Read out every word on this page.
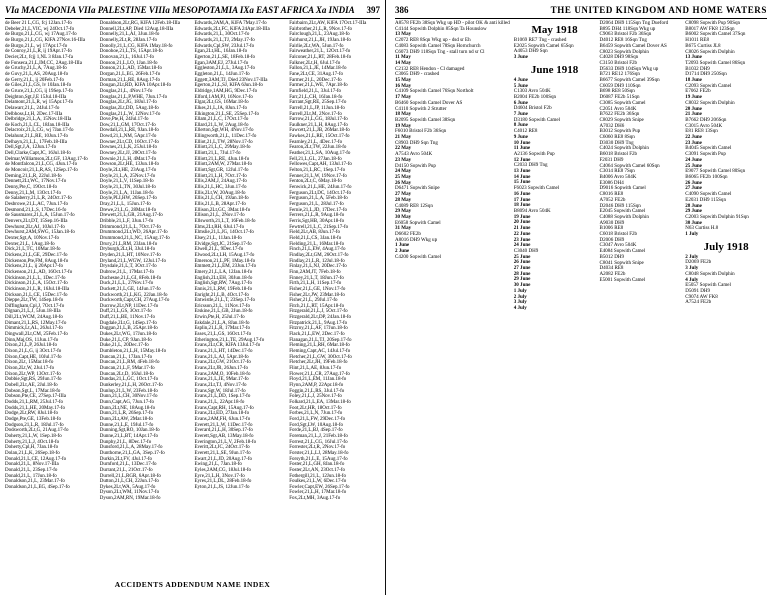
VIa MACEDONIA VIIa PALESTINE VIIIa MESOPOTAMIA IXa EAST AFRICA Xa INDIA 397
de Beer 21 L,CG, fcj 12Jan.17-fo
Debeler,21,L,VIC, wj 24Oct.17-fo
de Burgo,21,L,CG, wj 17Aug.17-fo
de Burgo,21,L,CG, KlFA 27Nov.16-IIIa
de Burgo,21,L, wj 17Apr.17-fo
de Conroy,21,L,R, ij 19Apr.17-fo
Decier,2Lt, fcjj 1,NL 3 8Jan.17-fa
de Fonseca,21,L,IM,CC, 2Aug.18-IIIa
de Gruchy,21,L,A, 7Aug.18-fo
de Guvy,21,L,AS, 20Aug.18-fo
de Gerry,21,L, ij 20Feb.17-fo
de Giles,21,L,GS, lv 10Jan.18-fo
de Gruce,21,L,CG, ij 19Sep.17-fo
Deighton,Sgt,J,E 15Jul.18-IIIa
Delamont,21,L,R, wj 15Apr.17-fo
Delawarr,21,L, 24Jul.17-fo
Delbhoss,Lt,H, 2Dec.17-IIIa
Delbridge,21,L,A, 15Nov.18-IIIa
de Koch,21,L,CL, 18Jan.18-IIIa
Delacroix,21,L,CG, wj 7Jan.17-fo
Delahunt,21,L,RE, 10Jun.17-fo
Delhayn,21,L,L, 17Feb.18-IIIa
Dell,Sgt,J,A, 12Jun.17-fo
Dell,Clarke,Capt,JC, 16Jul.18-fo
Delmar,Williamson,2Lt,GF, 13Aug.17-fo
de Montfalcon,21,L,CG, 4Jun.17-fo
de Moncoir,21,L,R,AS, 12Sep.17-fo
Deming,21,L,R, 22Jul.18-fo
Dennett,2Lt,WC, 17Nov.17-fo
Denny,Pte,C, 19Oct.18-fo
Denny,21,L,M, 13Oct.17-fo
de Salaberry,21,L,R, 24Oct.17-fo
Desbrowe,21,L,AC, 7Jun.17-fo
Desmond,21,L,S, 17Dec.16-fo
de Sausmarez,21,L,A, 15Jun.17-fo
Denvers,2Lt,DT, 15Sep.16-IIIa
Dewhurst,2Lt,AJ, 10Jul.17-fo
Dewhurst,2AM,SWG, 15Jan.18-fo
Dexter,Sgt,A, 10Nov.17-fo
Dexter,21,L, 1Aug.18-fo
Dick,21,L,TC, 10Mar.18-fo
Dickens,21,L,GE, 29Dec.17-fo
Dickenson,Pte,FM, 8Aug.18-fo
Dickens,21,L, ij 20Apr.17-fo
Dickenson,21,L,AD, 16Oct.17-fo
Dickinson,21,L,L, 1Dec.17-fo
Dickinson,21,L,A, 15Oct.17-fo
Dickinson,21,L,R, 16Jul.18-IIIa
Dickson,21,L,CE, 15Dec.17-fo
Dieppe,2Lt,TW, 14Sep.18-fo
Diffingham,Cpl,J, 7Oct.17-fo
Dignan,21,L,J, 5Jun.18-IIIa
Dill,2Lt,WCM, 24Aug.18-fo
Dimant,21,L,RS, 12May.17-fo
Dimmick,Lt,AL, 26Jul.17-fo
Dingwall,2Lt,CM, 25Feb.17-fo
Dinn,Maj,OS, 11Jun.17-fo
Dixon,21,L,P, 26Jul.18-fo
Dixon,21,L,G, ij 3Oct.17-fo
Dixon,Capt,HE, 10Jul.17-fo
Dixon,2Lt, 15Mar.18-fo
Dixon,2Lt,W, 2Jul.17-fo
Dixon,2Lt,WP, 13Oct.17-fo
Dobbie,Sgt,RS, 29Jun.17-fo
Dobell,2Lt,AE, 2Jul.18-fo
Dobson,Sgt,L, 17Mar.18-fo
Dobson,Pte,CE, 27Sep.17-IIIa
Dodds,21,L,RM, 25Jul.17-fo
Dodds,21,L,HE, 20May.17-fo
Dodge,2Lt,RW, 8Jul.18-fo
Dodge,Pte,GE, 13Feb.18-fo
Dodgson,21,L,R, 18Jul.17-fo
Dodsworth,2Lt,G, 21Aug.17-fo
Doherty,21,L,W, 1Sep.18-fo
Doherty,21,L,J, 4Oct.18-fo
Doherty,Cpl,H, 7Jan.18-fo
Dolan,21,L,K, 26Sep.18-fo
Donald,21,L,CE, 12Aug.17-fo
Donald,21,L, 8Nov.17-IIIa
Donald,21,L, 23Sep.17-fo
Donald,21,L, 17Jun.18-fo
Donaldson,21,L, 23Mar.17-fo
Donaldson,21,L,EG, 4Sep.17-fo
Donaldson,2Lt,RG, KlFA 12Feb.18-IIIa
Donnell,2Lt,AP, Died 12Aug.18-IIIa
Donnelly,21,L,AJ, 3Jun.18-fo
Donnelly,2Lt,R, 28Jan.17-fo
Donolly,21,L,CG, KlFA 1May.18-fo
Donohoe,21,L,TS, 15Apr.18-fo
Donovan,21,L, 16Jul.17-fo
Donson,21,L,LO, 1Jan.18-fo
Donson,21,L,AD, 15Mar.18-fo
Dorgan,21,L,EG, 26Feb.17-fo
Dorman,21,L,RE, 8Aug.17-fo
Dougan,2Lt,RD, KlFA 10Apr.18-fo
Douglas,21,L, 4Nov.17-fo
Douglas,21,L,P,WHE, 7Jun.17-fo
Douglas,2Lt,JG, 18Jul.17-fo
Douglas,2Lt,DD, 5Aug.18-fo
Douglas,21,L,W, 12Nov.17-fo
Dove,Pte,H, 24Jul.17-fo
Dow,21,L,GM, 17Oct.17-fo
Dowdall,21,L,RE, 9Jan.18-fo
Dowd,21,L,NM, 5Apr.17-fo
Downer,2Lt,CD, 16Oct.17-fo
Downes,21,L,K, 25Jul.18-fo
Downey,2Lt,JJ, 20Oct.17-fo
Downie,21,L,H, 4Mar.17-fo
Dowson,2Lt,HE, 13Jun.18-fo
Doyle,2Lt,HE, 23Aug.17-fo
Doyle,21,L,A, 25Nov.17-fo
Doyle,21,L,V, 11Sep.18-fo
Doyle,21,L,TN, 30Jul.18-fo
Doyle,21,L,A, 11Jan.18-fo
Doyle,PLI,HW, 26Sep.17-fo
Dray,21,L,L, 15Jun.17-fo
Drewe,21,L,G, 28Mar.18-fo
Drewett,21,L,GR, 21Aug.17-fo
Dribble,21,L,F, 3Jun.17-fo
Drimmond,21,L,L, 7Oct.17-fo
Drummond,2Lt,WD, 26Apr.17-fo
Drummond,21,L,NC, 15Aug.17-fo
Drury,21,L,RM, 23Jan.18-fo
Dryburgh,2Lt,H, 3Jul.18-fo
Dryden,21,L,HT, 10Nov.17-fo
Dryland,21,L,WGW, 12Jul.17-fo
Drysdale,21,L,T, 3Oct.17-fo
Dubrow,21,L, 17Mar.17-fo
Duchesne,21,L,GI, 8Feb.18-fo
Duck,21,L,L, 27Nov.17-fo
Duckett,21,L,GE, 14Jun.17-fo
Duckworth,21,L,KG, 22Jan.18-fo
Duckworth,Capt,CH, 27Aug.17-fo
Ducrow,2Lt,NP, 11Dec.17-fo
Duff,21,L,GS, 3Oct.17-fo
Duff,21,L,BE, 11Nov.17-fo
Dugdale,2Lt,G, 14Sep.17-fo
Duggan,21,L,B, 25Apr.18-fo
Dukes,2Lt,WG, 17Jun.18-fo
Duke,21,L,CP, 9Jan.18-fo
Duke,21,L, 20Dec.17-fo
Dumbleton,21,L,H, 15May.18-fo
Duncan,21,L, 17Jan.17-fo
Duncan,21,L,RM, 4Feb.18-fo
Duncan,21,L,F, 9Mar.17-fo
Duncan,2Lt,D, 16Jul.18-fo
Dundas,21,L,GC, 1Oct.17-fo
Dunkerley,21,L,H, 26Oct.17-fo
Dunlop,21,L,W, 23Feb.18-fo
Dunn,21,L,CH, 30Nov.17-fo
Dunn,Capt,AG, 7Jun.17-fo
Dunn,2Lt,NE, 18Aug.18-fo
Dunn,21,L,R, 26Sep.17-fo
Dunn,2Lt,AW, 2Mar.18-fo
Dunne,21,L,E, 19Jul.17-fo
Dunning,Sgt,RO, 10Jan.18-fo
Dunne,21,L,BT, 14Apr.17-fo
Dunphy,21,L, 8Dec.17-fo
Dunsford,21,L,A, 28May.17-fo
Dunthorne,21,L,GA, 3Sep.17-fo
Durkin,2Lt,FV, 4Jul.17-fo
Durnford,21,L, 13Dec.17-fo
Durrant,21,L, 21Oct.17-fo
Durrell,21,L,RGR, 6Apr.18-fo
Dutton,21,L,CH, 22Jun.17-fo
Dykes,2Lt,WA, 5Aug.17-fo
Dyson,2Lt,WM, 11Nov.17-fo
Dyson,2AM,RN, 19Mar.18-fo
Edwards,2AM,A, KlFA 7May.17-fo
Edwards,2Lt,FC, KlFA 24Apr.18-IIIa
Edwards,21,L, 30Oct.17-fo
Edwards,21,L,TJ, 2May.17-fo
Edwards,Cpl,SW, 23Jul.17-fo
Egan,2Lt,HL, 16Jan.18-fo
Egerton,21,L,SE, 18Feb.18-fo
Egan,3AM,EJ, 27Jul.17-fo
Eggleston,21,L,L, 3Aug.17-fo
Eggleton,21,L, 14Jun.17-fo
Eggett,3AM,TJ, Died 23Nov.17-IIIa
Egerton,21,L,SJ, KlFA 6Jun.18-fo
Eldridge,1AM,HG, 9Dec.17-fo
Elford,1AM,PJ, 16Nov.17-fo
Elgar,2Lt,GS, 16Mar.18-fo
Elkes,21,L,JA, 8Jun.17-fo
Elkington,21,L,SE, 25Sep.17-fo
Ellam,21,L,C, 17Oct.17-fo
Ellard,21,L,W, 2Aug.18-fo
Ellerton,Sgt,WH, 4Nov.17-fo
Ellingworth,21,L, 11Dec.17-fo
Elliot,21,L,TW, 28Nov.17-fo
Elliott,21,L,C, 29May.18-fo
Elliott,21,L, 7Jul.17-fo
Elliott,21,L,RE, 4Jun.18-fo
Elliott,2AM,W, 27Mar.18-fo
Elliott,Sgt,GR, 12Jul.17-fo
Elliott,21,L,H, 7Oct.17-fo
Ellis,2AM,J, 24Aug.17-fo
Ellis,21,L,HC, 3Jun.17-fo
Ellis,2Lt,W, 20Aug.18-fo
Ellis,21,L,CH, 19Jan.18-fo
Ellis,21,L,B, 28Apr.17-fo
Ellison,2Lt,GC, 3Mar.18-fo
Ellison,21,L, 2Nov.17-fo
Ellsworth,21,L,T, 16Feb.18-fo
Elms,2Lt,RH, 6Jul.17-fo
Elmslie,21,L,JG, 14Oct.17-fo
Elsey,21,L, 11Jan.18-fo
Elvidge,Sgt,JC, 21Sep.17-fo
Elwell,21,L, 9Dec.17-fo
Elwood,2Lt,LH, 15Aug.17-fo
Emerson,21,L,PF, 1May.18-fo
Emmett,21,L,EM, 23Jun.17-fo
Emery,21,L,LA, 12Jan.18-fo
English,2Lt,EH, 30Jun.18-fo
English,Sgt,RW, 7Aug.17-fo
Ennis,21,L,RW, 19Feb.18-fo
Enright,21,L,B, 4Oct.17-fo
Entwistle,21,L,T, 23Sep.17-fo
Ericsson,21,L, 11Nov.17-fo
Erskine,21,L,GB, 2Jun.18-fo
Erwin,Pte,H, 25Jul.17-fo
Eskdale,21,L,A, 8Jan.18-fo
Esplin,21,L,R, 17Mar.17-fo
Essex,21,L,GS, 16Oct.17-fo
Etherington,21,L,TE, 29Aug.17-fo
Evans,2Lt,CR, KlFA 13Jul.17-fo
Evans,21,L,HT, 14Dec.17-fo
Evans,21,L,AJ, 5Apr.18-fo
Evans,2Lt,GW, 21Oct.17-fo
Evans,2Lt,JR, 26Jun.17-fo
Evans,2AM,O, 10Feb.18-fo
Evans,21,L,JE, 9Mar.17-fo
Evans,2Lt,TJ, 4Nov.17-fo
Evans,Sgt,W, 18Jul.17-fo
Evans,21,L,DD, 1Sep.17-fo
Evans,21,L, 22Apr.18-fo
Evans,Capt,RH, 15Aug.17-fo
Evans,2Lt,ED, 27Jan.18-fo
Evans,2AM,FH, 6Jun.17-fo
Everett,21,L,W, 11Dec.17-fo
Everard,21,L,H, 30Sep.17-fo
Everett,Sgt,AB, 13May.18-fo
Everington,21,L,V, 2Feb.18-fo
Everitt,2Lt,JC, 24Oct.17-fo
Everett,21,L,SE, 9Jun.17-fo
Ewart,21,L,JD, 20Aug.17-fo
Ewing,21,L, 7Jan.18-fo
Eyles,2AM,CG, 18Jul.18-fo
Eyre,21,L,H, 3Nov.17-fo
Eyres,21,L,DL, 28Feb.18-fo
Eyton,21,L,JS, 12Jun.17-fo
Fairbairn,2Lt,AW, KlFA 17Oct.17-IIIa
Fairbrother,21,L,R, 9Nov.17-fo
Fairclough,21,L, 23Aug.18-fo
Fairhurst,21,L,JH, 19Jan.18-fo
Fairlie,2Lt,WA, 5Jun.17-fo
Fairweather,21,L, 12Oct.17-fo
Falconer,21,L,RT, 28Feb.18-fo
Falkner,2Lt,H, 6Jul.17-fo
Fallon,21,L,JE, 14Mar.18-fo
Fane,2Lt,CE, 31Aug.17-fo
Farmer,21,L, 20Dec.17-fo
Farmer,21,L,WE, 7Apr.18-fo
Farnfield,21,L, 3Jul.17-fo
Farr,21,L,CH, 16Jan.18-fo
Farrant,Sgt,RE, 25Sep.17-fo
Farrell,21,L,JP, 11Jun.18-fo
Farrell,2Lt,M, 2Nov.17-fo
Farrow,21,L,GG, 18Jul.17-fo
Faulkner,21,L,H, 8Aug.17-fo
Fawcett,21,L,JB, 26Mar.18-fo
Fawkes,21,L,RE, 15Oct.17-fo
Fearnley,21,L, 4Dec.17-fo
Fearon,2Lt,TW, 22Jun.18-fo
Feather,21,L,SA, 10Aug.17-fo
Fell,21,L,GL, 27Jan.18-fo
Fellowes,Capt,AH, 13Jul.17-fo
Felton,21,L,RC, 1Sep.17-fo
Fenner,21,L,W, 19Nov.17-fo
Fenton,2Lt,C, 6May.18-fo
Fenwick,21,L,HE, 24Jun.17-fo
Ferguson,2Lt,DC, 14Oct.17-fo
Ferguson,21,L,A, 5Feb.18-fo
Ferguson,21,L, 28Jul.17-fo
Fernie,21,L,JD, 17Dec.17-fo
Ferrers,21,L,R, 9Aug.18-fo
Ferris,Sgt,HB, 30Apr.18-fo
Fewtrell,21,L,C, 21Sep.17-fo
Field,2Lt,AB, 8Jun.17-fo
Field,21,L,CS, 3Jan.18-fo
Fielding,21,L, 16Mar.18-fo
Finch,21,L,EW, 4Aug.17-fo
Findlay,2Lt,GM, 26Oct.17-fo
Findlay,21,L,R, 12Jul.18-fo
Finlay,21,L,NJ, 20Dec.17-fo
Finn,2AM,JT, 7Feb.18-fo
Finney,21,L,T, 18Jun.17-fo
Firth,21,L,H, 11Sep.17-fo
Fisher,21,L,GE, 1Nov.17-fo
Fisher,2Lt,JW, 23Mar.18-fo
Fisher,21,L, 29Jul.17-fo
Fitch,21,L,RT, 15Apr.18-fo
Fitzgerald,21,L,J, 5Oct.17-fo
Fitzgerald,2Lt,DP, 24Jan.18-fo
Fitzpatrick,21,L, 9Aug.17-fo
Fitzroy,21,L,AF, 17Jun.18-fo
Flack,21,L,EW, 2Dec.17-fo
Flanagan,21,L,TJ, 20Sep.17-fo
Fleming,21,L,RH, 6Mar.18-fo
Fleming,Capt,AC, 14Jul.17-fo
Fletcher,21,L,GW, 30Oct.17-fo
Fletcher,2Lt,JH, 19Feb.18-fo
Flint,21,L,AE, 8Jun.17-fo
Flower,21,L,CR, 27Aug.17-fo
Floyd,21,L,EM, 11Jan.18-fo
Flynn,2AM,P, 22Apr.18-fo
Foggin,21,L,RS, 3Jul.17-fo
Foley,21,L,J, 25Nov.17-fo
Folkard,21,L,EA, 13Mar.18-fo
Foot,2Lt,HR, 18Oct.17-fo
Forbes,21,L,N, 7Jun.17-fo
Ford,21,L,FW, 29Dec.17-fo
Ford,Sgt,LW, 10Aug.18-fo
Forde,21,L,BJ, 4Sep.17-fo
Foreman,21,L,J, 21Feb.18-fo
Forrest,21,L,CG, 16Jul.17-fo
Forrester,2Lt,R, 2Nov.17-fo
Forster,21,L,LJ, 28May.18-fo
Forsyth,21,L,E, 15Aug.17-fo
Foster,21,L,GH, 8Jan.18-fo
Foster,2Lt,AN, 23Oct.17-fo
Fothergill,21,L, 12Jun.18-fo
Foulkes,21,L,W, 6Dec.17-fo
Fowler,Capt,EW, 26Sep.17-fo
Fowler,21,L,H, 17Mar.18-fo
Fox,2Lt,MH, 3Aug.17-fo
ACCIDENTS ADDENDUM NAME INDEX
386	THE UNITED KINGDOM AND HOME WATERS
A8578 FE2b 38Sqn Wkg up HD - pilot OK & anti killed
C4144 Sopwith Dolphin 85Sqn Ta Hounslow
13 May
C2072 RE8 8Sqn Wkg up - dsd sr Eh
C4083 Sopwith Camel 78Sqn Hornchurch
C6073 DH9 118Sqn Tng - stall turn nd sr Cl
11 May
14 May
C2132 RE8 Hendon - Cl damaged
C3065 DH9 - crashed
15 May
16 May
C4109 Sopwith Camel 76Sqn Northolt
17 May
B6460 Sopwith Camel Dover AS
C4110 Sopwith 2 Strutter
18 May
B2095 Sopwith Camel 38Sqn
19 May
F6010 Bristol F2b 36Sqn
21 May
C8903 DH9 Sqn Tng
22 May
A7543 Avro 504K
23 May
D4150 Sopwith Pup
24 May
25 May
26 May
D6471 Sopwith Snipe
27 May
28 May
C4089 RE8 12Sqn
29 May
30 May
E6058 Sopwith Camel
31 May
D6602 FE2b
A8016 DH9 Wkg up
1 June
2 June
C4200 Sopwith Camel
May 1918
B1069 RE7 Tng - crashed
E2025 Sopwith Camel 65Sqn
A4053 DH9 Sqn
3 June
June 1918
4 June
5 June
C1303 Avro 504K
B2004 FE2b 100Sqn
6 June
D4604 Bristol F2b
7 June
D3180 Sopwith Camel
8 June
C4012 RE8
9 June
10 June
11 June
A2136 Sopwith Pup
12 June
C2033 DH9 Tng
13 June
14 June
15 June
F6023 Sopwith Camel
16 June
17 June
18 June
B8094 Avro 504K
19 June
20 June
21 June
22 June
23 June
24 June
C3040 DH9
25 June
26 June
27 June
28 June
29 June
30 June
1 July
2 July
3 July
4 July
D2064 DH9 115Sqn Tng Dueford
B895 DH4 118Sqn Wkg up
C9063 Bristol F2b 36Sqn
D4012 RE8 16Sqn Tng
B6459 Sopwith Camel Dover AS
C8023 Sopwith Dolphin
C4028 DH9 98Sqn
C3150 Bristol F2b
D5633 DH9 104Sqn Wkg up
B721 RE12 176Sqn
B6677 Sopwith Camel 39Sqn
C6059 DH9 110Sqn
B698 RE8 50Sqn
D6087 FE2b 51Sqn
C3085 Sopwith Camel
C2051 Avro 504K
B7622 FE2b 36Sqn
C8029 Sopwith Snipe
A7032 DH6
B3012 Sopwith Pup
C6060 RE8 8Sqn
D3030 DH9 Tng
C4024 Sopwith Dolphin
B6018 Bristol F2b
F2031 DH9
C4064 Sopwith Camel 60Sqn
C3014 RE8 7Sqn
B4006 Avro 504K
E3086 DH4
D9016 Sopwith Camel
C8016 RE8
A7052 FE2b
D2046 DH9 115Sqn
E2045 Sopwith Camel
C4088 Sopwith Dolphin
A9030 DH9
B1006 RE8
C6018 Bristol F2b
D2006 DH9
C3047 Avro 504K
E4084 Sopwith Camel
B5012 DH9
C8041 Sopwith Snipe
D4034 RE8
A2082 FE2b
E5001 Sopwith Camel
C8098 Sopwith Pup 90Sqn
B8017 AW FK8 123Sqn
B6002 Sopwith Camel 37Sqn
H1011 RE8
B675 Curtiss JL8
C8026 Sopwith Dolphin
13 June
T2093 Sopwith Camel 86Sqn
B1032 DH9
D1714 DH9 250Sqn
18 June
C2093 Sopwith Camel
E7062 FE2b
19 June
C8032 Sopwith Dolphin
20 June
21 June
B7662 DH9 206Sqn
C3015 Avro 504K
E81 RE8 13Sqn
22 June
23 June
B4045 Sopwith Camel
C3091 Sopwith Pup
24 June
25 June
E9077 Sopwith Camel 80Sqn
B6065 FE2b 100Sqn
26 June
27 June
C4090 Sopwith Camel
E2031 DH9 115Sqn
28 June
29 June
C2003 Sopwith Dolphin 91Sqn
30 June
N63 Curtiss H.8
1 July
July 1918
2 July
D2069 FE2b
3 July
C8048 Sopwith Dolphin
4 July
E5057 Sopwith Camel
D5091 DH9
C9074 AW FK8
A7524 FE2b
